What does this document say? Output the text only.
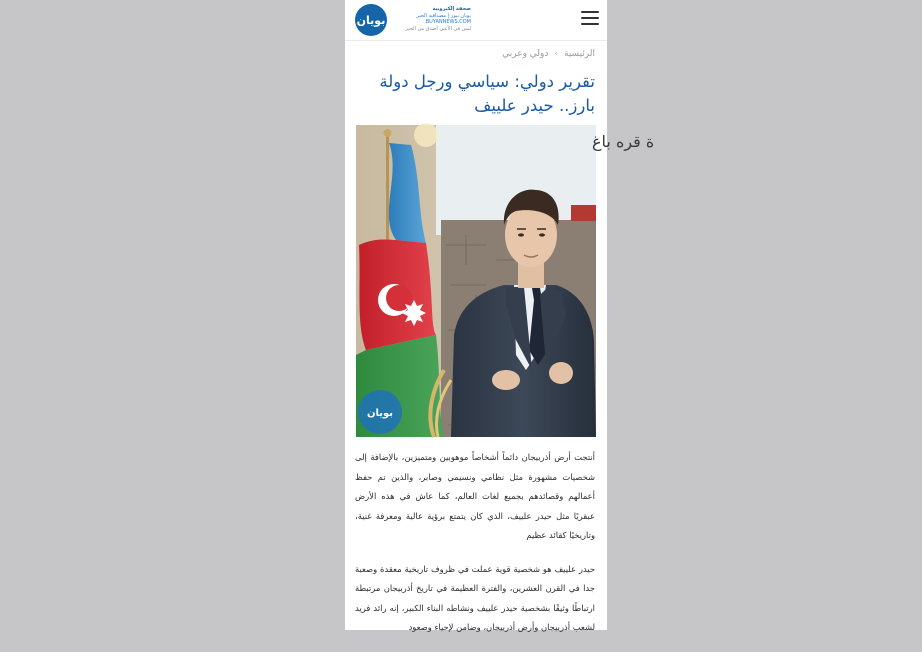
بويان
صحفة إلكترونية
بويان نيوز | مصداقية الخبر
BUYANNEWS.COM
ليس في الأعين أصدق من الخبر
الرئيسية›دولي وعربي
تقرير دولي: سياسي ورجل دولة بارز.. حيدر علييف
ة قره باغ
بويان

أنتجت أرض أذربيجان دائماً أشخاصاً موهوبين ومتميزين، بالإضافة إلى شخصيات مشهورة مثل نظامي ونسيمي وصابر، والذين تم حفظ أعمالهم وقصائدهم بجميع لغات العالم، كما عاش في هذه الأرض عبقريًا مثل حيدر علييف، الذي كان يتمتع برؤية عالية ومعرفة غنية، وتاريخيًا كقائد عظيم

حيدر علييف هو شخصية قوية عملت في ظروف تاريخية معقدة وصعبة جدا في القرن العشرين، والفترة العظيمة في تاريخ أذربيجان مرتبطة ارتباطًا وثيقًا بشخصية حيدر علييف ونشاطه البناء الكبير، إنه رائد فريد لشعب أذربيجان وأرض أذربيجان، وضامن لإحياء وصعود
